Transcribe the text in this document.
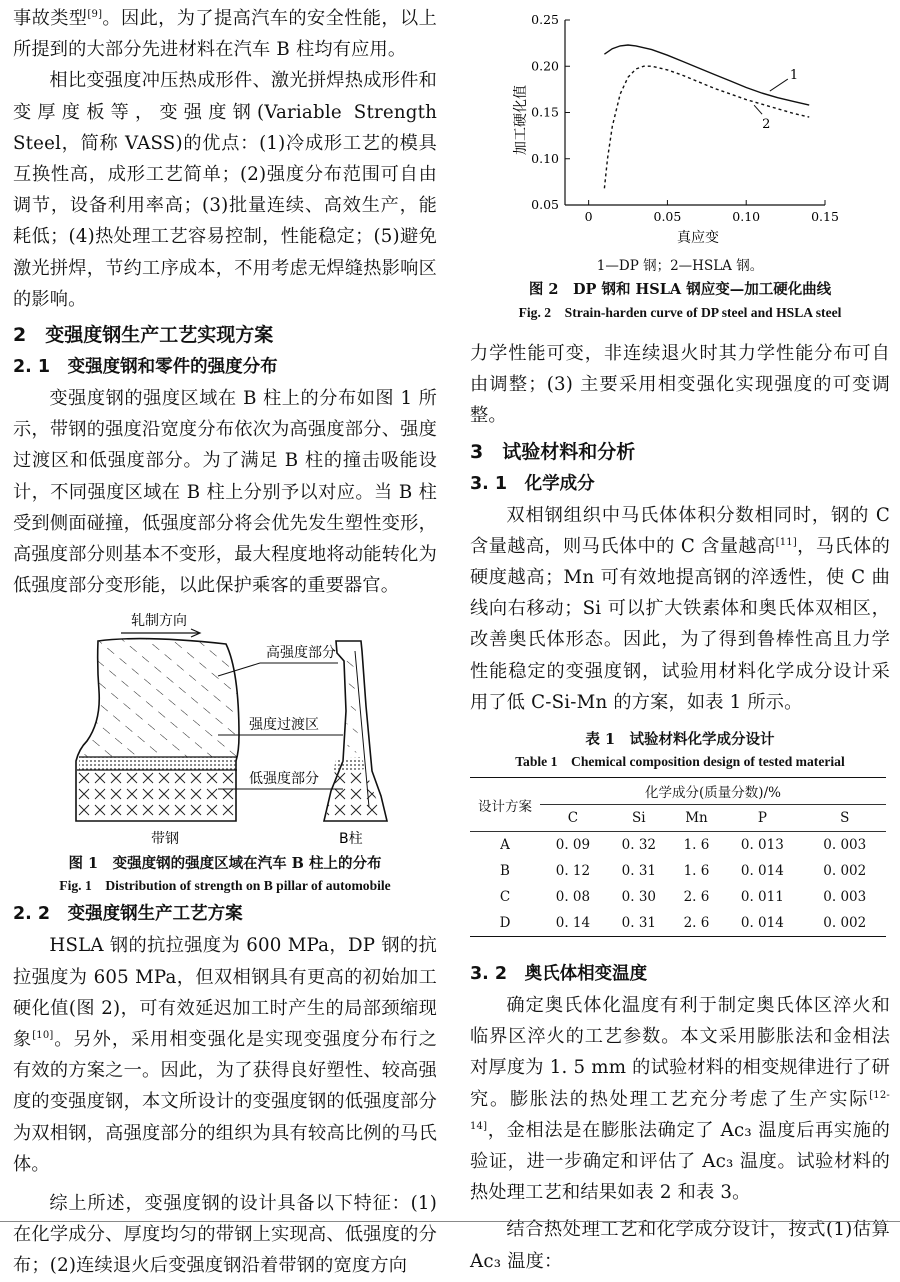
事故类型[9]。因此，为了提高汽车的安全性能，以上所提到的大部分先进材料在汽车 B 柱均有应用。

相比变强度冲压热成形件、激光拼焊热成形件和变厚度板等，变强度钢(Variable Strength Steel，简称 VASS)的优点：(1)冷成形工艺的模具互换性高，成形工艺简单；(2)强度分布范围可自由调节，设备利用率高；(3)批量连续、高效生产，能耗低；(4)热处理工艺容易控制，性能稳定；(5)避免激光拼焊，节约工序成本，不用考虑无焊缝热影响区的影响。

2　变强度钢生产工艺实现方案
2. 1　变强度钢和零件的强度分布

变强度钢的强度区域在 B 柱上的分布如图 1 所示，带钢的强度沿宽度分布依次为高强度部分、强度过渡区和低强度部分。为了满足 B 柱的撞击吸能设计，不同强度区域在 B 柱上分别予以对应。当 B 柱受到侧面碰撞，低强度部分将会优先发生塑性变形，高强度部分则基本不变形，最大程度地将动能转化为低强度部分变形能，以此保护乘客的重要器官。

轧制方向
高强度部分
强度过渡区
低强度部分
带钢	B柱
图 1　变强度钢的强度区域在汽车 B 柱上的分布
Fig. 1　Distribution of strength on B pillar of automobile
2. 2　变强度钢生产工艺方案

HSLA 钢的抗拉强度为 600 MPa，DP 钢的抗拉强度为 605 MPa，但双相钢具有更高的初始加工硬化值(图 2)，可有效延迟加工时产生的局部颈缩现象[10]。另外，采用相变强化是实现变强度分布行之有效的方案之一。因此，为了获得良好塑性、较高强度的变强度钢，本文所设计的变强度钢的低强度部分为双相钢，高强度部分的组织为具有较高比例的马氏体。

综上所述，变强度钢的设计具备以下特征：(1)在化学成分、厚度均匀的带钢上实现高、低强度的分布；(2)连续退火后变强度钢沿着带钢的宽度方向

加工硬化值
真应变
0.05
0.10
0.15
0.20
0.25
0	0.05	0.10	0.15
1
2
1—DP 钢；2—HSLA 钢。
图 2　DP 钢和 HSLA 钢应变—加工硬化曲线
Fig. 2　Strain-harden curve of DP steel and HSLA steel

力学性能可变，非连续退火时其力学性能分布可自由调整；(3) 主要采用相变强化实现强度的可变调整。

3　试验材料和分析
3. 1　化学成分

双相钢组织中马氏体体积分数相同时，钢的 C 含量越高，则马氏体中的 C 含量越高[11]，马氏体的硬度越高；Mn 可有效地提高钢的淬透性，使 C 曲线向右移动；Si 可以扩大铁素体和奥氏体双相区，改善奥氏体形态。因此，为了得到鲁棒性高且力学性能稳定的变强度钢，试验用材料化学成分设计采用了低 C-Si-Mn 的方案，如表 1 所示。

表 1　试验材料化学成分设计
Table 1　Chemical composition design of tested material
设计方案	化学成分(质量分数)/%				
	C	Si	Mn	P	S
A	0. 09	0. 32	1. 6	0. 013	0. 003
B	0. 12	0. 31	1. 6	0. 014	0. 002
C	0. 08	0. 30	2. 6	0. 011	0. 003
D	0. 14	0. 31	2. 6	0. 014	0. 002
3. 2　奥氏体相变温度

确定奥氏体化温度有利于制定奥氏体区淬火和临界区淬火的工艺参数。本文采用膨胀法和金相法对厚度为 1. 5 mm 的试验材料的相变规律进行了研究。膨胀法的热处理工艺充分考虑了生产实际[12-14]，金相法是在膨胀法确定了 Ac₃ 温度后再实施的验证，进一步确定和评估了 Ac₃ 温度。试验材料的热处理工艺和结果如表 2 和表 3。

结合热处理工艺和化学成分设计，按式(1)估算 Ac₃ 温度：
